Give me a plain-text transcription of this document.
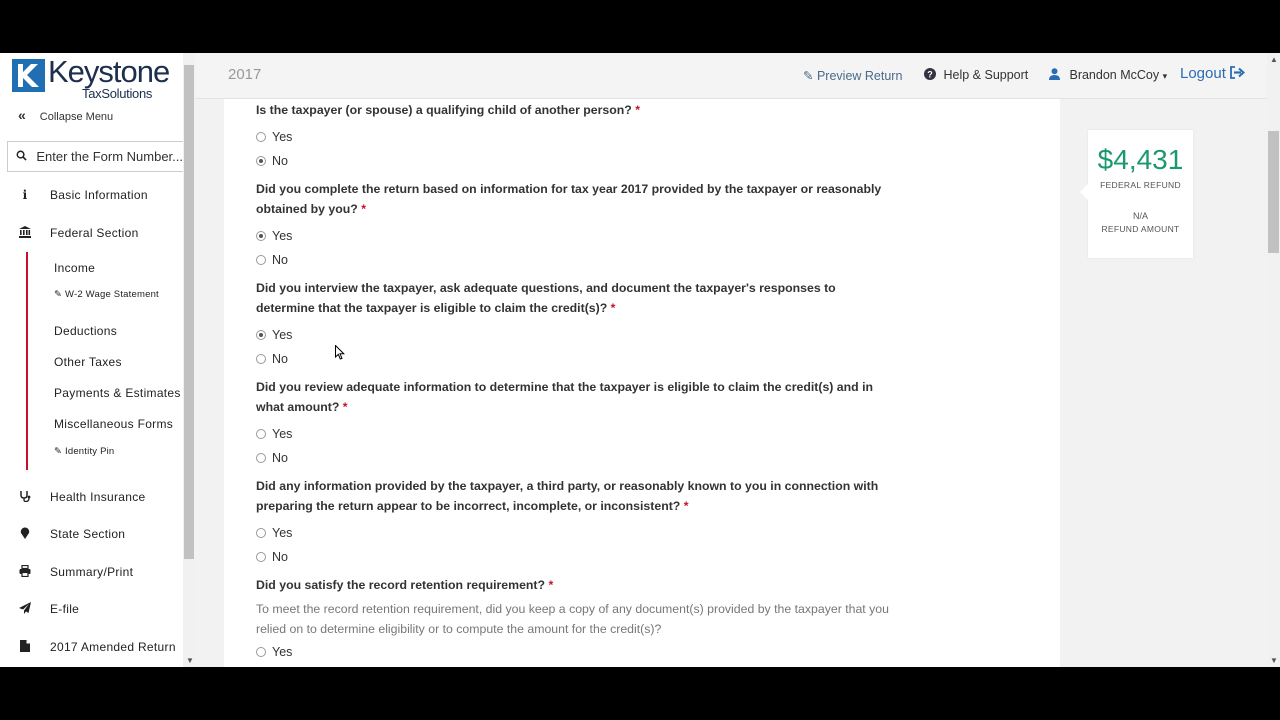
Keystone
TaxSolutions
« Collapse Menu
Enter the Form Number...
i	Basic Information
Federal Section
Income
✎ W-2 Wage Statement
Deductions
Other Taxes
Payments & Estimates
Miscellaneous Forms
✎ Identity Pin
Health Insurance
State Section
Summary/Print
E-file
2017 Amended Return
▼
2017	✎ Preview Return	? Help & Support	Brandon McCoy ▾ Logout
Is the taxpayer (or spouse) a qualifying child of another person? *
Yes
No
Did you complete the return based on information for tax year 2017 provided by the taxpayer or reasonably obtained by you? *
Yes
No
Did you interview the taxpayer, ask adequate questions, and document the taxpayer's responses to determine that the taxpayer is eligible to claim the credit(s)? *
Yes
No
Did you review adequate information to determine that the taxpayer is eligible to claim the credit(s) and in what amount? *
Yes
No
Did any information provided by the taxpayer, a third party, or reasonably known to you in connection with preparing the return appear to be incorrect, incomplete, or inconsistent? *
Yes
No
Did you satisfy the record retention requirement? *
To meet the record retention requirement, did you keep a copy of any document(s) provided by the taxpayer that you relied on to determine eligibility or to compute the amount for the credit(s)?
Yes
$4,431
FEDERAL REFUND
N/A
REFUND AMOUNT
▲
▼
